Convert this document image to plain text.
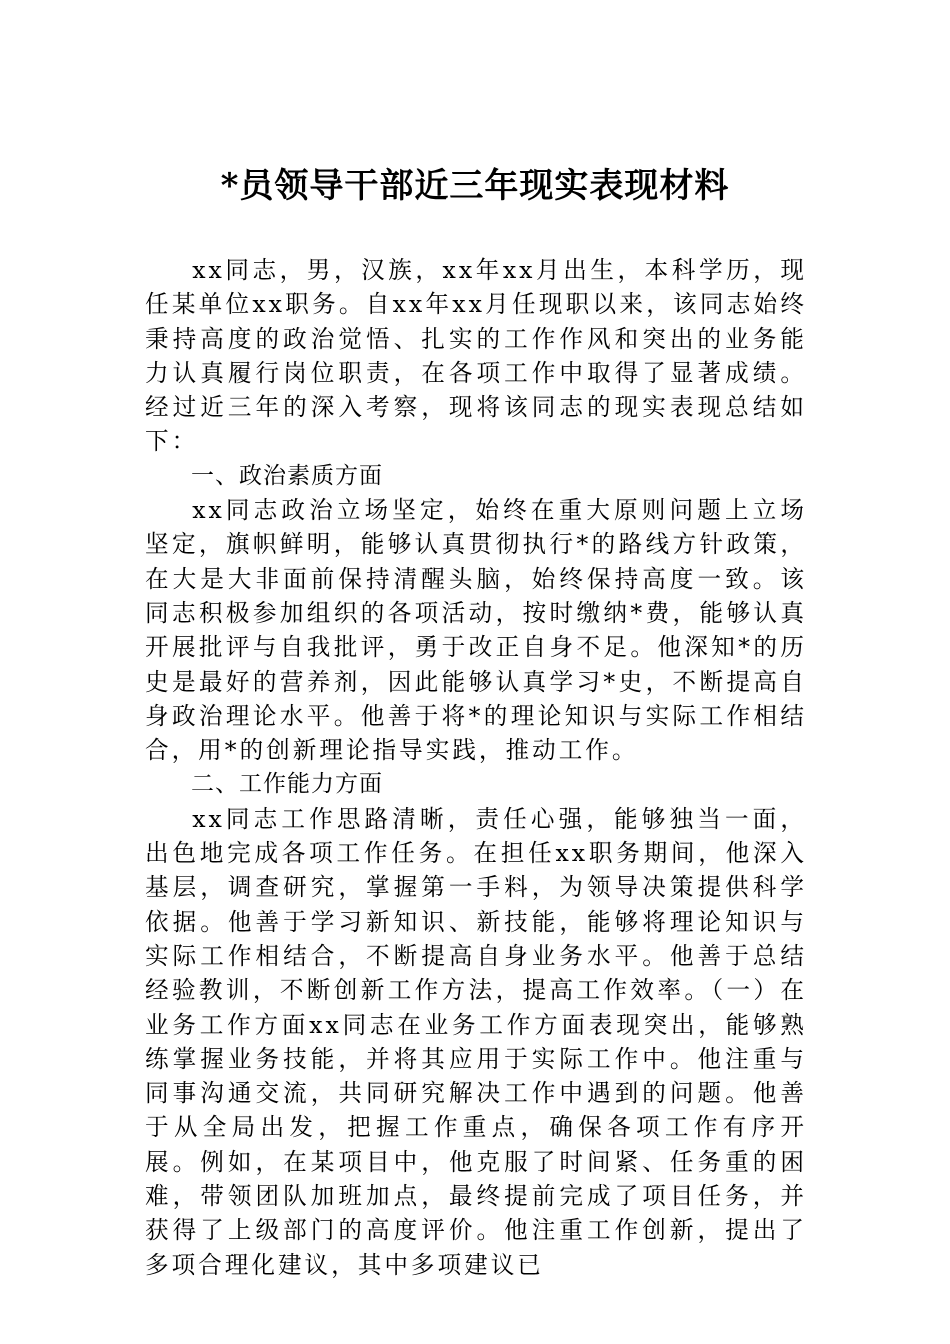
*员领导干部近三年现实表现材料

xx同志，男，汉族，xx年xx月出生，本科学历，现任某单位xx职务。自xx年xx月任现职以来，该同志始终秉持高度的政治觉悟、扎实的工作作风和突出的业务能力认真履行岗位职责，在各项工作中取得了显著成绩。经过近三年的深入考察，现将该同志的现实表现总结如下：

一、政治素质方面

xx同志政治立场坚定，始终在重大原则问题上立场坚定，旗帜鲜明，能够认真贯彻执行*的路线方针政策，在大是大非面前保持清醒头脑，始终保持高度一致。该同志积极参加组织的各项活动，按时缴纳*费，能够认真开展批评与自我批评，勇于改正自身不足。他深知*的历史是最好的营养剂，因此能够认真学习*史，不断提高自身政治理论水平。他善于将*的理论知识与实际工作相结合，用*的创新理论指导实践，推动工作。

二、工作能力方面

xx同志工作思路清晰，责任心强，能够独当一面，出色地完成各项工作任务。在担任xx职务期间，他深入基层，调查研究，掌握第一手料，为领导决策提供科学依据。他善于学习新知识、新技能，能够将理论知识与实际工作相结合，不断提高自身业务水平。他善于总结经验教训，不断创新工作方法，提高工作效率。（一）在业务工作方面xx同志在业务工作方面表现突出，能够熟练掌握业务技能，并将其应用于实际工作中。他注重与同事沟通交流，共同研究解决工作中遇到的问题。他善于从全局出发，把握工作重点，确保各项工作有序开展。例如，在某项目中，他克服了时间紧、任务重的困难，带领团队加班加点，最终提前完成了项目任务，并获得了上级部门的高度评价。他注重工作创新，提出了多项合理化建议，其中多项建议已
